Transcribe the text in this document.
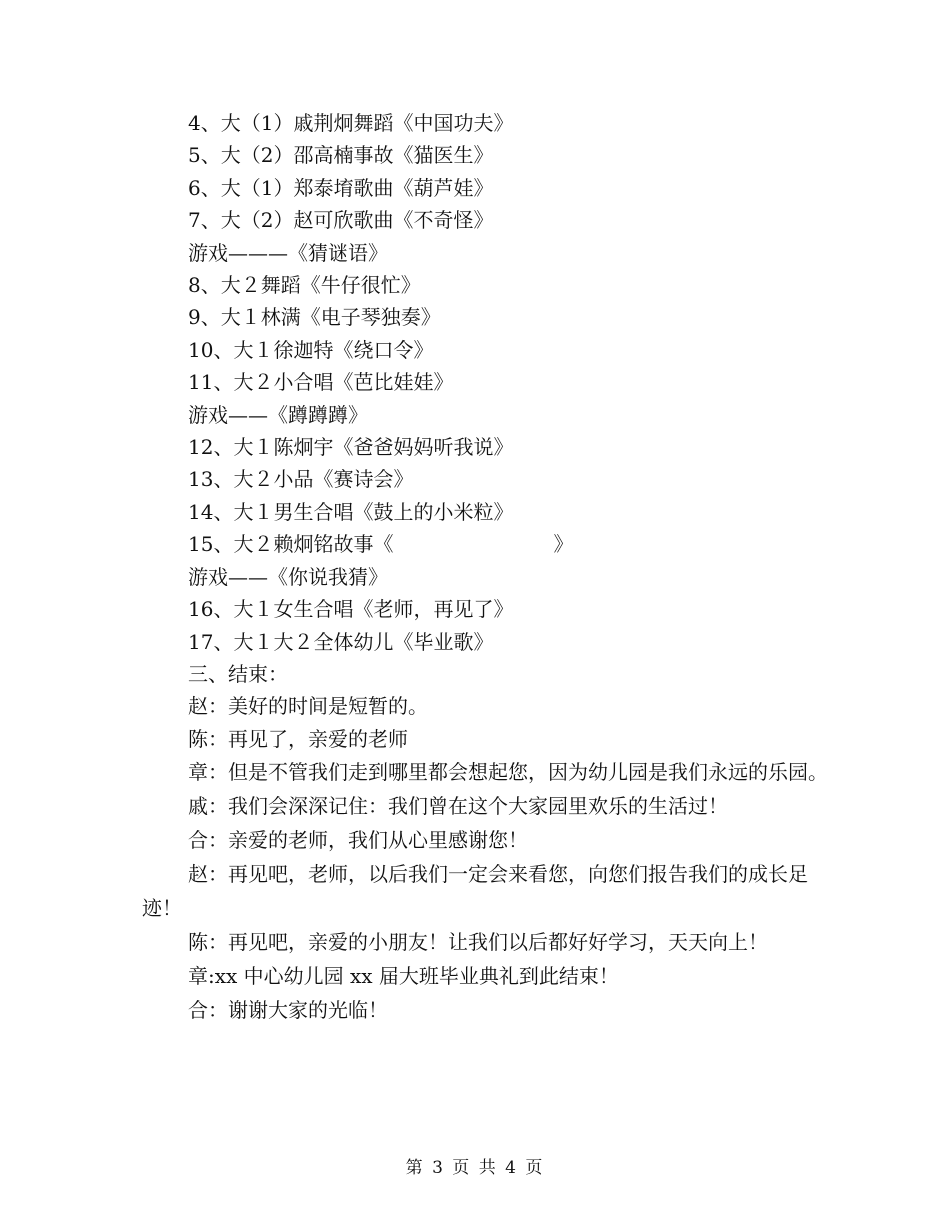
4、大（1）戚荆炯舞蹈《中国功夫》
5、大（2）邵高楠事故《猫医生》
6、大（1）郑泰堉歌曲《葫芦娃》
7、大（2）赵可欣歌曲《不奇怪》
游戏———《猜谜语》
8、大２舞蹈《牛仔很忙》
9、大１林满《电子琴独奏》
10、大１徐迦特《绕口令》
11、大２小合唱《芭比娃娃》
游戏——《蹲蹲蹲》
12、大１陈炯宇《爸爸妈妈听我说》
13、大２小品《赛诗会》
14、大１男生合唱《鼓上的小米粒》
15、大２赖炯铭故事《　　　　　　　　》
游戏——《你说我猜》
16、大１女生合唱《老师，再见了》
17、大１大２全体幼儿《毕业歌》
三、结束：
赵：美好的时间是短暂的。
陈：再见了，亲爱的老师
章：但是不管我们走到哪里都会想起您，因为幼儿园是我们永远的乐园。
戚：我们会深深记住：我们曾在这个大家园里欢乐的生活过！
合：亲爱的老师，我们从心里感谢您！
赵：再见吧，老师，以后我们一定会来看您，向您们报告我们的成长足迹！
陈：再见吧，亲爱的小朋友！让我们以后都好好学习，天天向上！
章:xx 中心幼儿园 xx 届大班毕业典礼到此结束！
合：谢谢大家的光临！
第 3 页 共 4 页
